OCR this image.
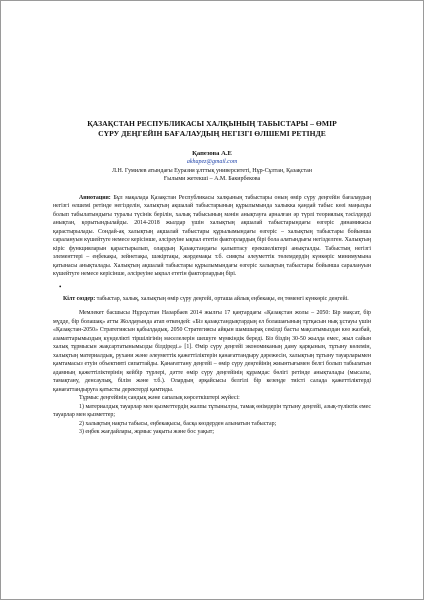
ҚАЗАҚСТАН РЕСПУБЛИКАСЫ ХАЛҚЫНЫҢ ТАБЫСТАРЫ – ӨМІР
СҮРУ ДЕҢГЕЙІН БАҒАЛАУДЫҢ НЕГІЗГІ ӨЛШЕМІ РЕТІНДЕ
Қапезова А.Е
akhapez@gmail.com
Л.Н. Гумилев атындағы Еуразия ұлттық университеті, Нұр-Сұлтан, Қазақстан
Ғылыми жетекші – А.М. Бакирбекова

Аннотация: Бұл мақалада Қазақстан Республикасы халқының табыстары оның өмір сүру деңгейін бағалаудың негізгі өлшемі ретінде негізделін, халықтың ақшалай табыстарының құрылымында халыкка қандай табыс көзі маңызды болып табылатындығы туралы түсінік берілін, халық табысының мәнін анықтауға арналған әр түрлі теориялық тәсілдерді анықтан, қорытындылайды. 2014-2018 жылдар үшін халықтың ақшалай табыстарындағы өзгеріс динамикасы қарастырылады. Сондай-ақ халықтың ақшалай табыстары құрылымындағы өзгеріс – халықтың табыстары бойынша саралануын күшейтуге немесе керісінше, әлсіреуіне ықпал ететін факторлардың бірі бола алатындығы негізделген. Халықтың кіріс функцияларын қарастырылып, олардың Қазақстандағы қалыптасу ерекшеліктері анықталды. Табыстың негізгі элементтері – еңбекақы, зейнетақы, шәкіртақы, жәрдемақы т.б. сияқты әлеуметтік төлемдердің күнкөріс минимумына қатынасы анықталады. Халықтың ақшалай табыстары құрылымындағы өзгеріс халықтың табыстары бойынша саралануын күшейтуге немесе керісінше, әлсіреуіне ықпал ететін факторлардың бірі.

•

Кілт сөздер: табыстар, халық, халықтың өмір сүру деңгейі, орташа айлық еңбекақы, ең төменгі күнкөріс деңгейі.

Мемлекет басшысы Нұрсұлтан Назарбаев 2014 жылғы 17 қаңтардағы «Қазақстан жолы – 2050: Бір мақсат, бір мүдде, бір болашақ» атты Жолдауында атап өткендей: «Біз қазақстандықтардың ел болашағының тұтқасын нық ұстауы үшін «Қазақстан-2050» Стратегиясын қабылдадық. 2050 Стратегиясы айқын шамшырақ секілді басты мақсатымыздан көз жазбай, азаматтарымыздың күнделікті тіршілігінің мәселелерін шешуге мүмкіндік береді. Біз біздің 30-50 жылда емес, жыл сайын халық тұрмысын жақсартатынымызды білдіреді.» [1]. Өмір сүру деңгейі экономиканың даму қарқынын, тұтыну көлемін, халықтың материалдық, рухани және әлеуметтік қажеттіліктерін қанағаттандыру дәрежесін, халықтың тұтыну тауарларымен қамтамасыз етуін объективті сипаттайды. Қанағаттану деңгейі – өмір сүру деңгейінің жиынтығымен белгі болып табылатын адамның қажеттіліктерінің кейбір түрлері, дәтте өмір сүру деңгейінің құрамдас бөлігі ретінде анықталады (мысалы, тамақтану, денсаулық, білім және т.б.). Олардың әрқайсысы белгілі бір кезеңде тиісті салада қажеттіліктерді қанағаттандыруға қатысты деректерді қамтиды.

Тұрмыс деңгейінің сандық және сапалық көрсеткіштері жүйесі:

1) материалдық тауарлар мен қызметтердің жалпы тұтынылуы, тамақ өнімдерін тұтыну деңгейі, азық-түліктік емес тауарлар мен қызметтер;

2) халықтың нақты табысы, еңбекақысы, басқа көздерден алынатын табыстар;

3) еңбек жағдайлары, жұмыс уақыты және бос уақыт;
